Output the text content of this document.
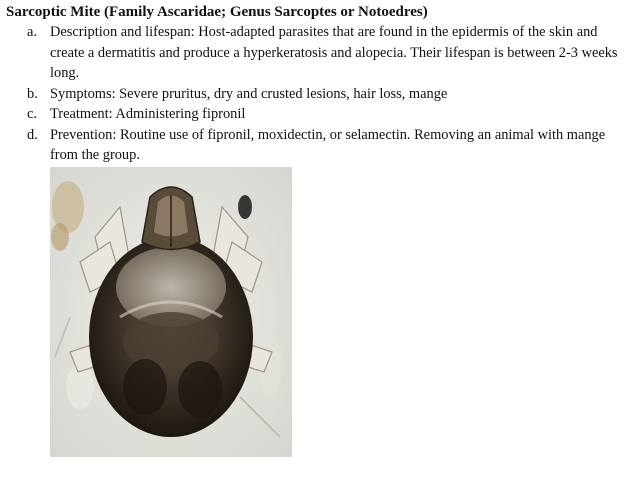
Sarcoptic Mite (Family Ascaridae; Genus Sarcoptes or Notoedres)
a. Description and lifespan: Host-adapted parasites that are found in the epidermis of the skin and create a dermatitis and produce a hyperkeratosis and alopecia. Their lifespan is between 2-3 weeks long.
b. Symptoms: Severe pruritus, dry and crusted lesions, hair loss, mange
c. Treatment: Administering fipronil
d. Prevention: Routine use of fipronil, moxidectin, or selamectin. Removing an animal with mange from the group.
